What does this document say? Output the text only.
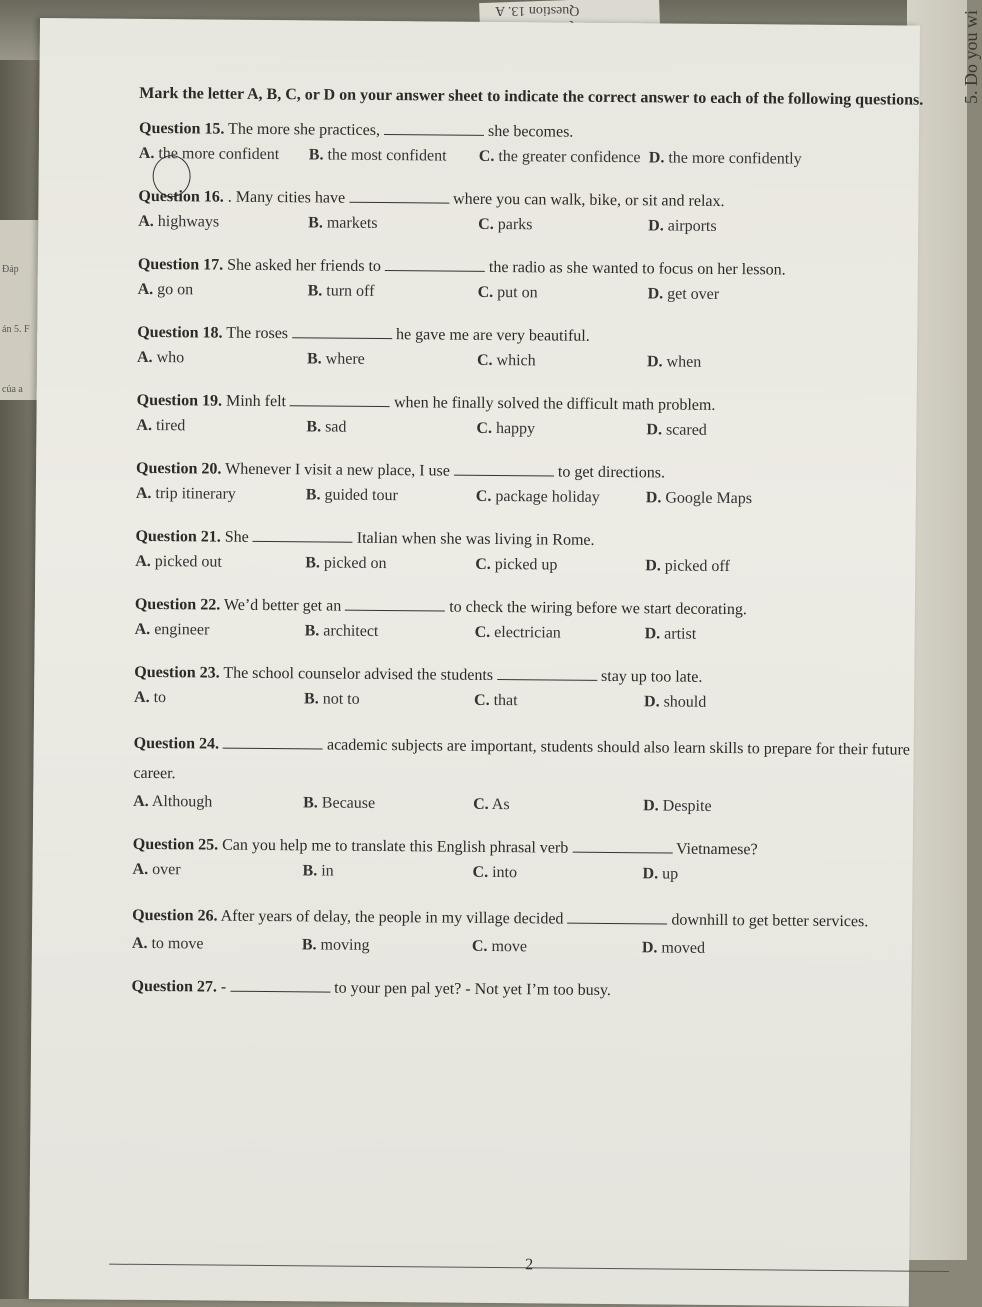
5. Do you wi
Question 13. A
Đáp
án 5. F
của a
Mark the letter A, B, C, or D on your answer sheet to indicate the correct answer to each of the following questions.
Question 15. The more she practices,	she becomes.
A. the more confident	B. the most confident	C. the greater confidence D. the more confidently
Question 16. . Many cities have	where you can walk, bike, or sit and relax.
A. highways	B. markets	C. parks	D. airports
Question 17. She asked her friends to	the radio as she wanted to focus on her lesson.
A. go on	B. turn off	C. put on	D. get over
Question 18. The roses	he gave me are very beautiful.
A. who	B. where	C. which	D. when
Question 19. Minh felt	when he finally solved the difficult math problem.
A. tired	B. sad	C. happy	D. scared
Question 20. Whenever I visit a new place, I use	to get directions.
A. trip itinerary	B. guided tour	C. package holiday	D. Google Maps
Question 21. She	Italian when she was living in Rome.
A. picked out	B. picked on	C. picked up	D. picked off
Question 22. We’d better get an	to check the wiring before we start decorating.
A. engineer	B. architect	C. electrician	D. artist
Question 23. The school counselor advised the students	stay up too late.
A. to	B. not to	C. that	D. should
Question 24.	academic subjects are important, students should also learn skills to prepare for their future career.
A. Although	B. Because	C. As	D. Despite
Question 25. Can you help me to translate this English phrasal verb	Vietnamese?
A. over	B. in	C. into	D. up
Question 26. After years of delay, the people in my village decided	downhill to get better services.
A. to move	B. moving	C. move	D. moved
Question 27. -	to your pen pal yet? - Not yet I’m too busy.
2
